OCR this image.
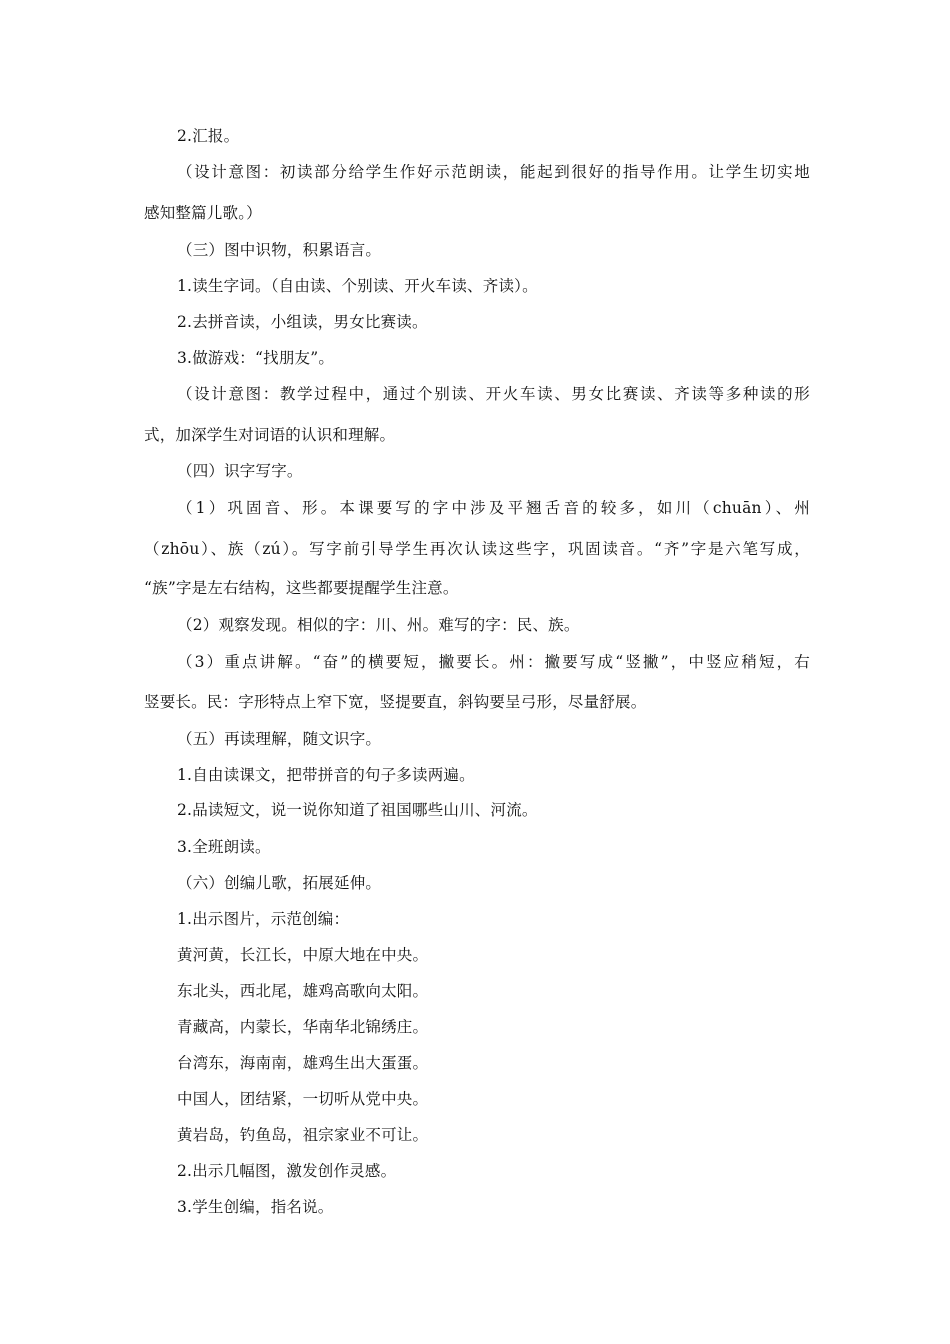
2.汇报。
（设计意图：初读部分给学生作好示范朗读，能起到很好的指导作用。让学生切实地
感知整篇儿歌。）
（三）图中识物，积累语言。
1.读生字词。（自由读、个别读、开火车读、齐读）。
2.去拼音读，小组读，男女比赛读。
3.做游戏：“找朋友”。
（设计意图：教学过程中，通过个别读、开火车读、男女比赛读、齐读等多种读的形
式，加深学生对词语的认识和理解。
（四）识字写字。
（1）巩固音、形。本课要写的字中涉及平翘舌音的较多，如川（chuān）、州
（zhōu）、族（zú）。写字前引导学生再次认读这些字，巩固读音。“齐”字是六笔写成，
“族”字是左右结构，这些都要提醒学生注意。
（2）观察发现。相似的字：川、州。难写的字：民、族。
（3）重点讲解。“奋”的横要短，撇要长。州：撇要写成“竖撇”，中竖应稍短，右
竖要长。民：字形特点上窄下宽，竖提要直，斜钩要呈弓形，尽量舒展。
（五）再读理解，随文识字。
1.自由读课文，把带拼音的句子多读两遍。
2.品读短文，说一说你知道了祖国哪些山川、河流。
3.全班朗读。
（六）创编儿歌，拓展延伸。
1.出示图片，示范创编：
黄河黄，长江长，中原大地在中央。
东北头，西北尾，雄鸡高歌向太阳。
青藏高，内蒙长，华南华北锦绣庄。
台湾东，海南南，雄鸡生出大蛋蛋。
中国人，团结紧，一切听从党中央。
黄岩岛，钓鱼岛，祖宗家业不可让。
2.出示几幅图，激发创作灵感。
3.学生创编，指名说。
